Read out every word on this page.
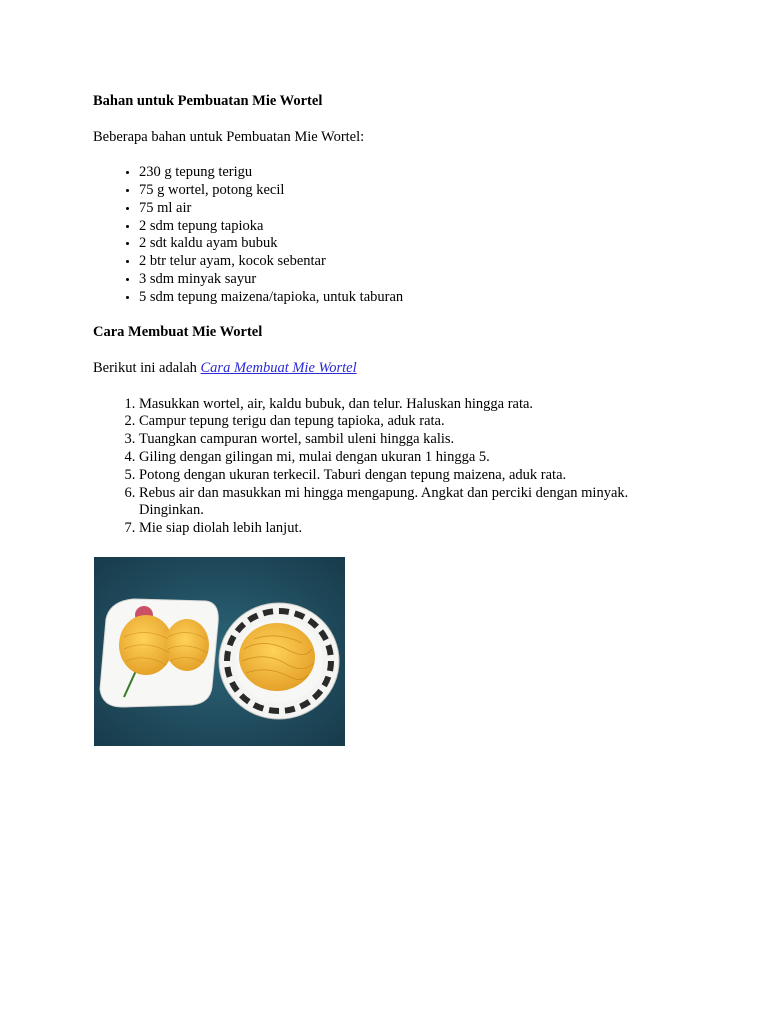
Bahan untuk Pembuatan Mie Wortel

Beberapa bahan untuk Pembuatan Mie Wortel:

• 230 g tepung terigu
• 75 g wortel, potong kecil
• 75 ml air
• 2 sdm tepung tapioka
• 2 sdt kaldu ayam bubuk
• 2 btr telur ayam, kocok sebentar
• 3 sdm minyak sayur
• 5 sdm tepung maizena/tapioka, untuk taburan
Cara Membuat Mie Wortel

Berikut ini adalah Cara Membuat Mie Wortel

1. Masukkan wortel, air, kaldu bubuk, dan telur. Haluskan hingga rata.
2. Campur tepung terigu dan tepung tapioka, aduk rata.
3. Tuangkan campuran wortel, sambil uleni hingga kalis.
4. Giling dengan gilingan mi, mulai dengan ukuran 1 hingga 5.
5. Potong dengan ukuran terkecil. Taburi dengan tepung maizena, aduk rata.
6. Rebus air dan masukkan mi hingga mengapung. Angkat dan perciki dengan minyak. Dinginkan.
7. Mie siap diolah lebih lanjut.
